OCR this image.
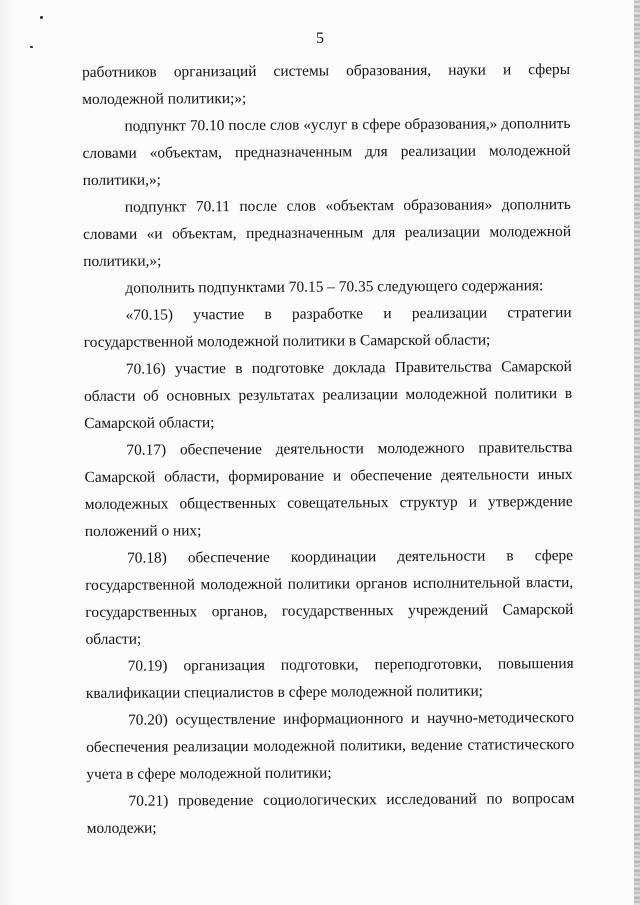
5

работников организаций системы образования, науки и сферы молодежной политики;»;

подпункт 70.10 после слов «услуг в сфере образования,» дополнить словами «объектам, предназначенным для реализации молодежной политики,»;

подпункт 70.11 после слов «объектам образования» дополнить словами «и объектам, предназначенным для реализации молодежной политики,»;

дополнить подпунктами 70.15 – 70.35 следующего содержания:

«70.15) участие в разработке и реализации стратегии государственной молодежной политики в Самарской области;

70.16) участие в подготовке доклада Правительства Самарской области об основных результатах реализации молодежной политики в Самарской области;

70.17) обеспечение деятельности молодежного правительства Самарской области, формирование и обеспечение деятельности иных молодежных общественных совещательных структур и утверждение положений о них;

70.18) обеспечение координации деятельности в сфере государственной молодежной политики органов исполнительной власти, государственных органов, государственных учреждений Самарской области;

70.19) организация подготовки, переподготовки, повышения квалификации специалистов в сфере молодежной политики;

70.20) осуществление информационного и научно-методического обеспечения реализации молодежной политики, ведение статистического учета в сфере молодежной политики;

70.21) проведение социологических исследований по вопросам молодежи;
